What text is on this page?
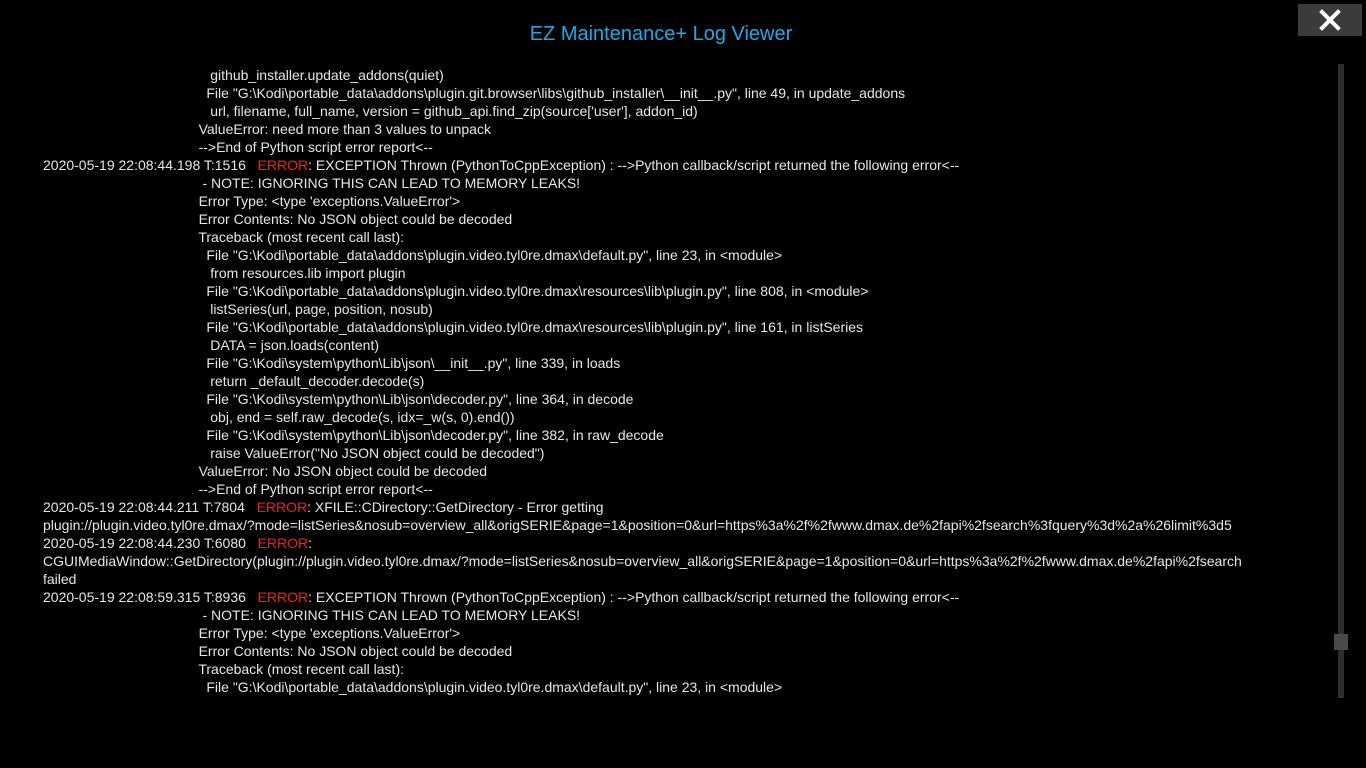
EZ Maintenance+ Log Viewer
github_installer.update_addons(quiet)
File "G:\Kodi\portable_data\addons\plugin.git.browser\libs\github_installer\__init__.py", line 49, in update_addons
url, filename, full_name, version = github_api.find_zip(source['user'], addon_id)
ValueError: need more than 3 values to unpack
-->End of Python script error report<--
2020-05-19 22:08:44.198 T:1516   ERROR: EXCEPTION Thrown (PythonToCppException) : -->Python callback/script returned the following error<--
- NOTE: IGNORING THIS CAN LEAD TO MEMORY LEAKS!
Error Type: <type 'exceptions.ValueError'>
Error Contents: No JSON object could be decoded
Traceback (most recent call last):
File "G:\Kodi\portable_data\addons\plugin.video.tyl0re.dmax\default.py", line 23, in <module>
from resources.lib import plugin
File "G:\Kodi\portable_data\addons\plugin.video.tyl0re.dmax\resources\lib\plugin.py", line 808, in <module>
listSeries(url, page, position, nosub)
File "G:\Kodi\portable_data\addons\plugin.video.tyl0re.dmax\resources\lib\plugin.py", line 161, in listSeries
DATA = json.loads(content)
File "G:\Kodi\system\python\Lib\json\__init__.py", line 339, in loads
return _default_decoder.decode(s)
File "G:\Kodi\system\python\Lib\json\decoder.py", line 364, in decode
obj, end = self.raw_decode(s, idx=_w(s, 0).end())
File "G:\Kodi\system\python\Lib\json\decoder.py", line 382, in raw_decode
raise ValueError("No JSON object could be decoded")
ValueError: No JSON object could be decoded
-->End of Python script error report<--
2020-05-19 22:08:44.211 T:7804   ERROR: XFILE::CDirectory::GetDirectory - Error getting
plugin://plugin.video.tyl0re.dmax/?mode=listSeries&nosub=overview_all&origSERIE&page=1&position=0&url=https%3a%2f%2fwww.dmax.de%2fapi%2fsearch%3fquery%3d%2a%26limit%3d5
2020-05-19 22:08:44.230 T:6080   ERROR:
CGUIMediaWindow::GetDirectory(plugin://plugin.video.tyl0re.dmax/?mode=listSeries&nosub=overview_all&origSERIE&page=1&position=0&url=https%3a%2f%2fwww.dmax.de%2fapi%2fsearch
failed
2020-05-19 22:08:59.315 T:8936   ERROR: EXCEPTION Thrown (PythonToCppException) : -->Python callback/script returned the following error<--
- NOTE: IGNORING THIS CAN LEAD TO MEMORY LEAKS!
Error Type: <type 'exceptions.ValueError'>
Error Contents: No JSON object could be decoded
Traceback (most recent call last):
File "G:\Kodi\portable_data\addons\plugin.video.tyl0re.dmax\default.py", line 23, in <module>
